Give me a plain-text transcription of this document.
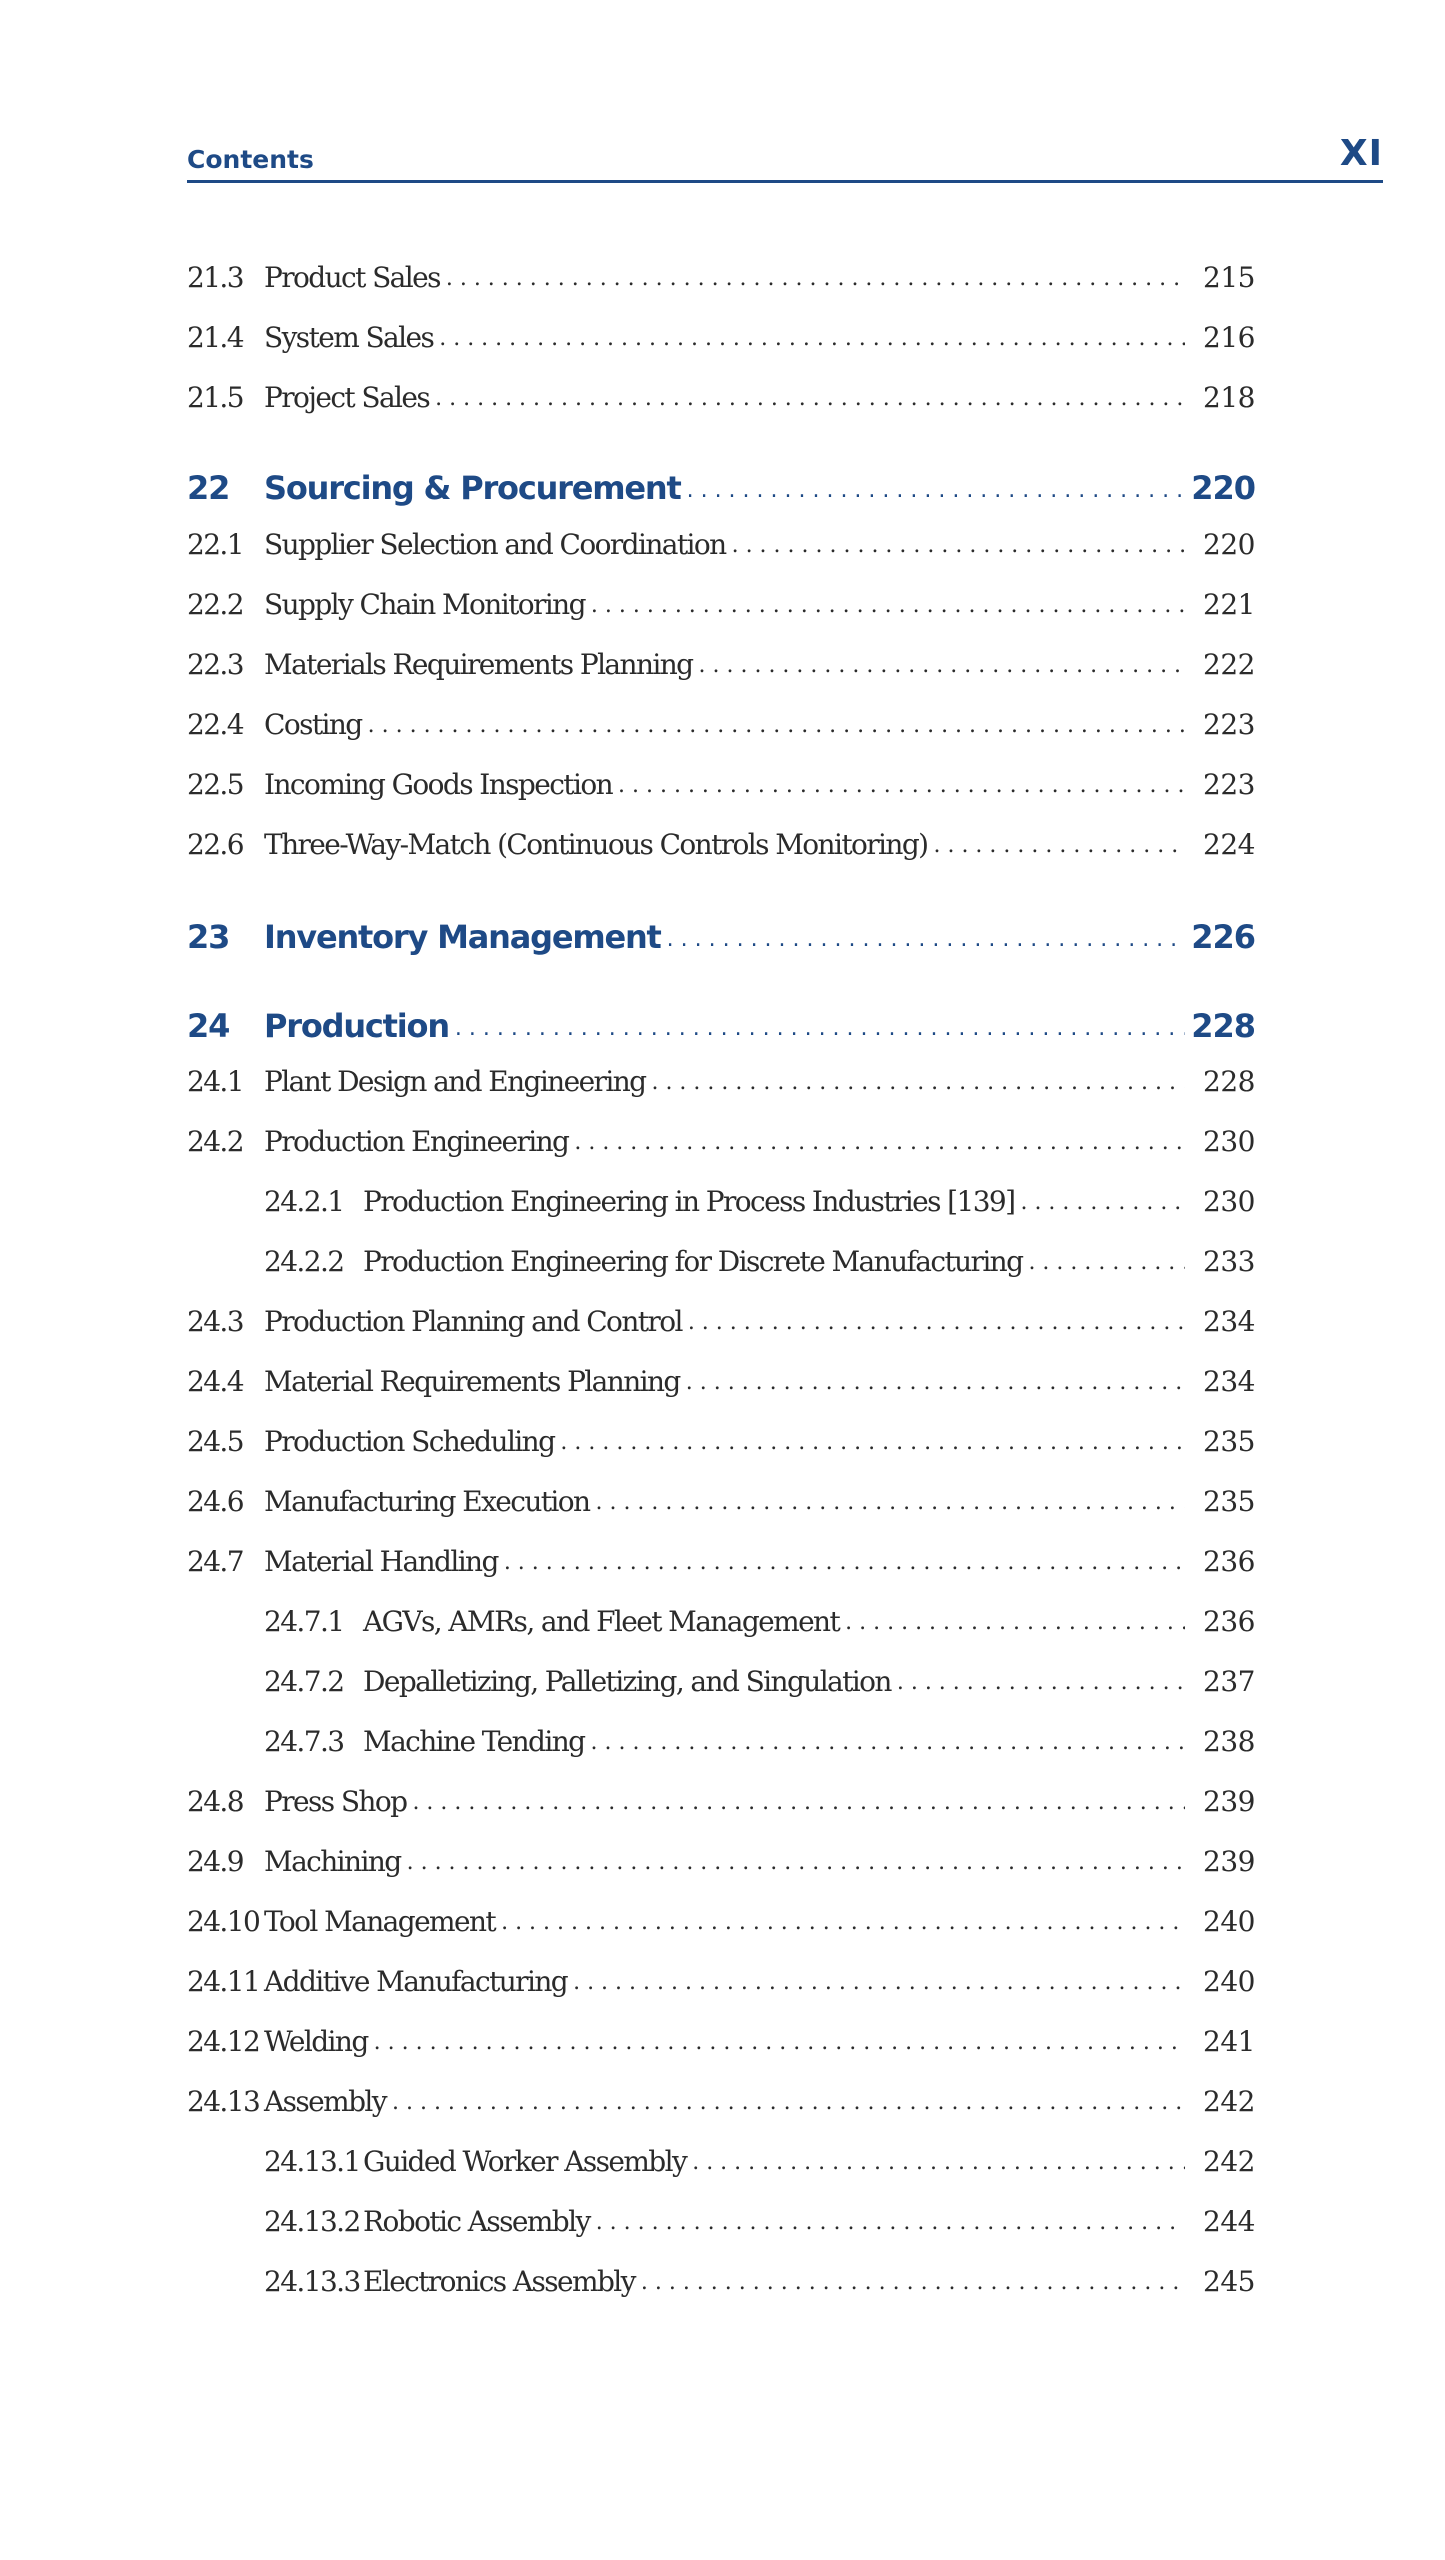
Contents	XI
21.3 Product Sales . . .	215
21.4 System Sales . . .	216
21.5 Project Sales . . .	218
22	Sourcing & Procurement . . .	220
22.1 Supplier Selection and Coordination . . .	220
22.2 Supply Chain Monitoring . . .	221
22.3 Materials Requirements Planning . . .	222
22.4 Costing . . .	223
22.5 Incoming Goods Inspection . . .	223
22.6 Three-Way-Match (Continuous Controls Monitoring) . . .	224
23	Inventory Management . . .	226
24	Production . . .	228
24.1 Plant Design and Engineering . . .	228
24.2 Production Engineering . . .	230
24.2.1 Production Engineering in Process Industries [139] . . .	230
24.2.2 Production Engineering for Discrete Manufacturing . . .	233
24.3 Production Planning and Control . . .	234
24.4 Material Requirements Planning . . .	234
24.5 Production Scheduling . . .	235
24.6 Manufacturing Execution . . .	235
24.7 Material Handling . . .	236
24.7.1 AGVs, AMRs, and Fleet Management . . .	236
24.7.2 Depalletizing, Palletizing, and Singulation . . .	237
24.7.3 Machine Tending . . .	238
24.8 Press Shop . . .	239
24.9 Machining . . .	239
24.10 Tool Management . . .	240
24.11 Additive Manufacturing . . .	240
24.12 Welding . . .	241
24.13 Assembly . . .	242
24.13.1 Guided Worker Assembly . . .	242
24.13.2 Robotic Assembly . . .	244
24.13.3 Electronics Assembly . . .	245
